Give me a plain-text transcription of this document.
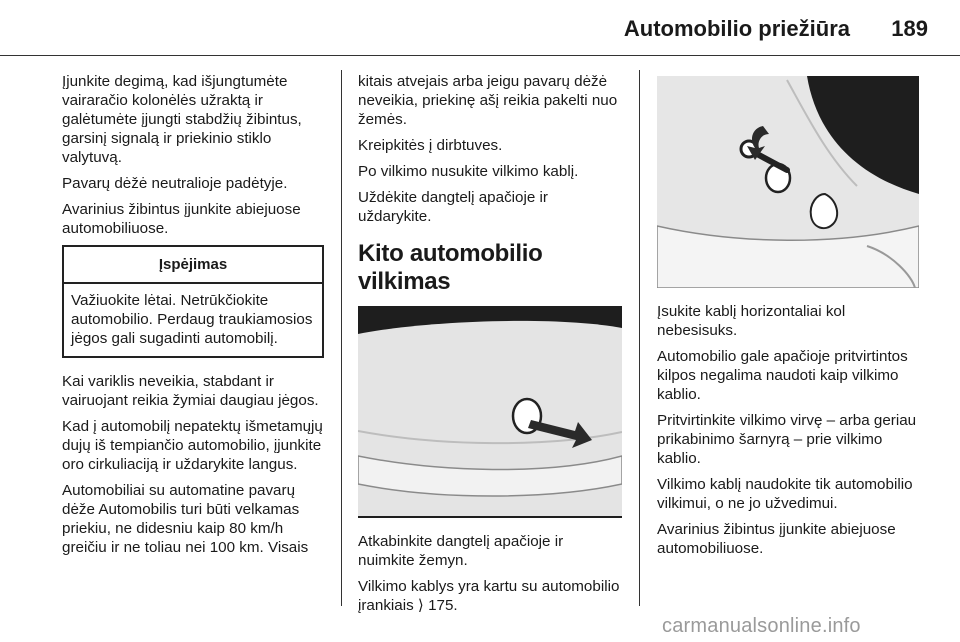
Automobilio priežiūra	189

Įjunkite degimą, kad išjungtumėte vairaračio kolonėlės užraktą ir galėtumėte įjungti stabdžių žibintus, garsinį signalą ir priekinio stiklo valytuvą.

Pavarų dėžė neutralioje padėtyje.

Avarinius žibintus įjunkite abiejuose automobiliuose.

Įspėjimas
Važiuokite lėtai. Netrūkčiokite automobilio. Perdaug traukiamosios jėgos gali sugadinti automobilį.

Kai variklis neveikia, stabdant ir vairuojant reikia žymiai daugiau jėgos.

Kad į automobilį nepatektų išmetamųjų dujų iš tempiančio automobilio, įjunkite oro cirkuliaciją ir uždarykite langus.

Automobiliai su automatine pavarų dėže Automobilis turi būti velkamas priekiu, ne didesniu kaip 80 km/h greičiu ir ne toliau nei 100 km. Visais

kitais atvejais arba jeigu pavarų dėžė neveikia, priekinę ašį reikia pakelti nuo žemės.

Kreipkitės į dirbtuves.

Po vilkimo nusukite vilkimo kablį.

Uždėkite dangtelį apačioje ir uždarykite.

Kito automobilio vilkimas

Atkabinkite dangtelį apačioje ir nuimkite žemyn.

Vilkimo kablys yra kartu su automobilio įrankiais ⟩ 175.

Įsukite kablį horizontaliai kol nebesisuks.

Automobilio gale apačioje pritvirtintos kilpos negalima naudoti kaip vilkimo kablio.

Pritvirtinkite vilkimo virvę – arba geriau prikabinimo šarnyrą – prie vilkimo kablio.

Vilkimo kablį naudokite tik automobilio vilkimui, o ne jo užvedimui.

Avarinius žibintus įjunkite abiejuose automobiliuose.

carmanualsonline.info
